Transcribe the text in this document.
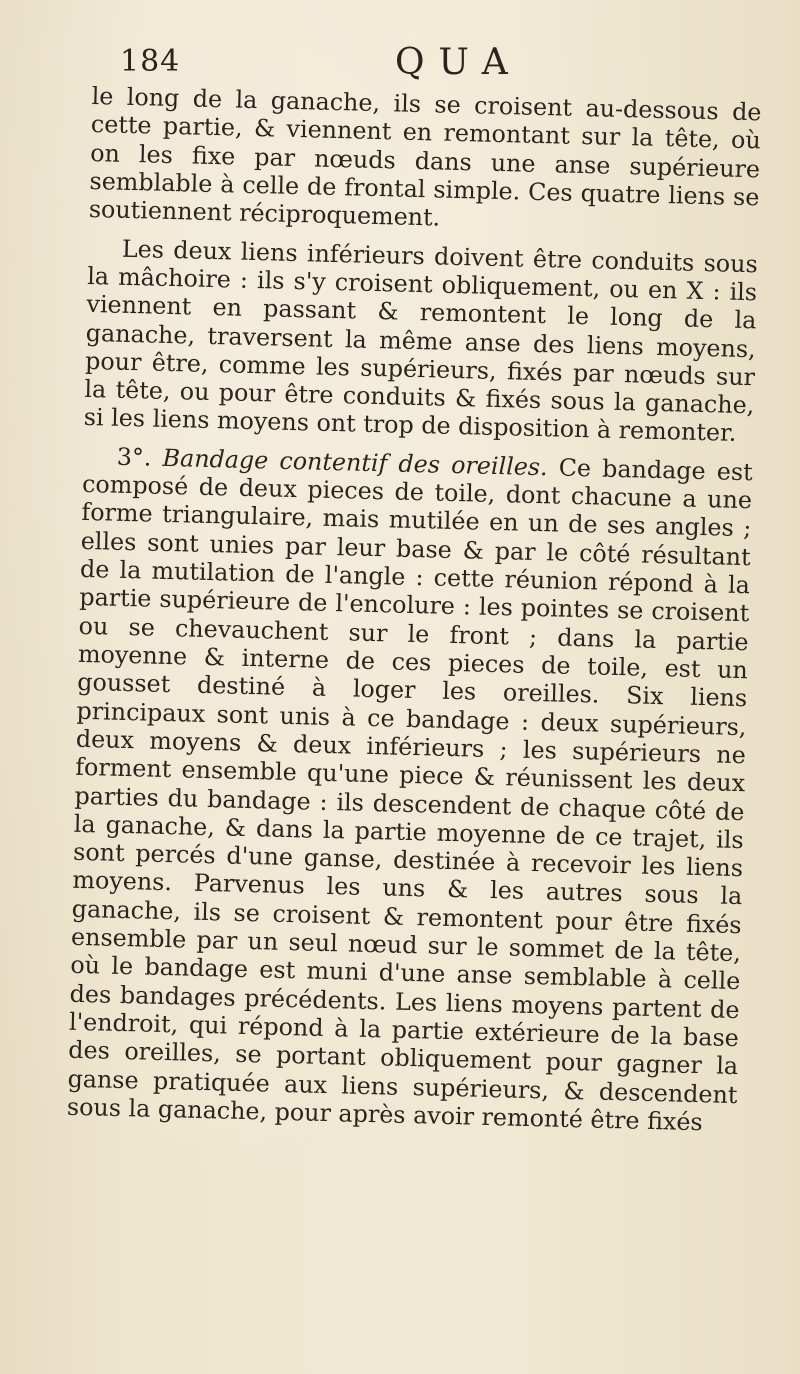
184	QUA

le long de la ganache, ils se croisent au-dessous de cette partie, & viennent en remontant sur la tête, où on les fixe par nœuds dans une anse supérieure semblable à celle de frontal simple. Ces quatre liens se soutiennent réciproquement.

Les deux liens inférieurs doivent être conduits sous la mâchoire : ils s'y croisent obliquement, ou en X : ils viennent en passant & remontent le long de la ganache, traversent la même anse des liens moyens, pour être, comme les supérieurs, fixés par nœuds sur la tête, ou pour être conduits & fixés sous la ganache, si les liens moyens ont trop de disposition à remonter.

3°. Bandage contentif des oreilles. Ce bandage est composé de deux pieces de toile, dont chacune a une forme triangulaire, mais mutilée en un de ses angles ; elles sont unies par leur base & par le côté résultant de la mutilation de l'angle : cette réunion répond à la partie supérieure de l'encolure : les pointes se croisent ou se chevauchent sur le front ; dans la partie moyenne & interne de ces pieces de toile, est un gousset destiné à loger les oreilles. Six liens principaux sont unis à ce bandage : deux supérieurs, deux moyens & deux inférieurs ; les supérieurs ne forment ensemble qu'une piece & réunissent les deux parties du bandage : ils descendent de chaque côté de la ganache, & dans la partie moyenne de ce trajet, ils sont percés d'une ganse, destinée à recevoir les liens moyens. Parvenus les uns & les autres sous la ganache, ils se croisent & remontent pour être fixés ensemble par un seul nœud sur le sommet de la tête, où le bandage est muni d'une anse semblable à celle des bandages précédents. Les liens moyens partent de l'endroit, qui répond à la partie extérieure de la base des oreilles, se portant obliquement pour gagner la ganse pratiquée aux liens supérieurs, & descendent sous la ganache, pour après avoir remonté être fixés
